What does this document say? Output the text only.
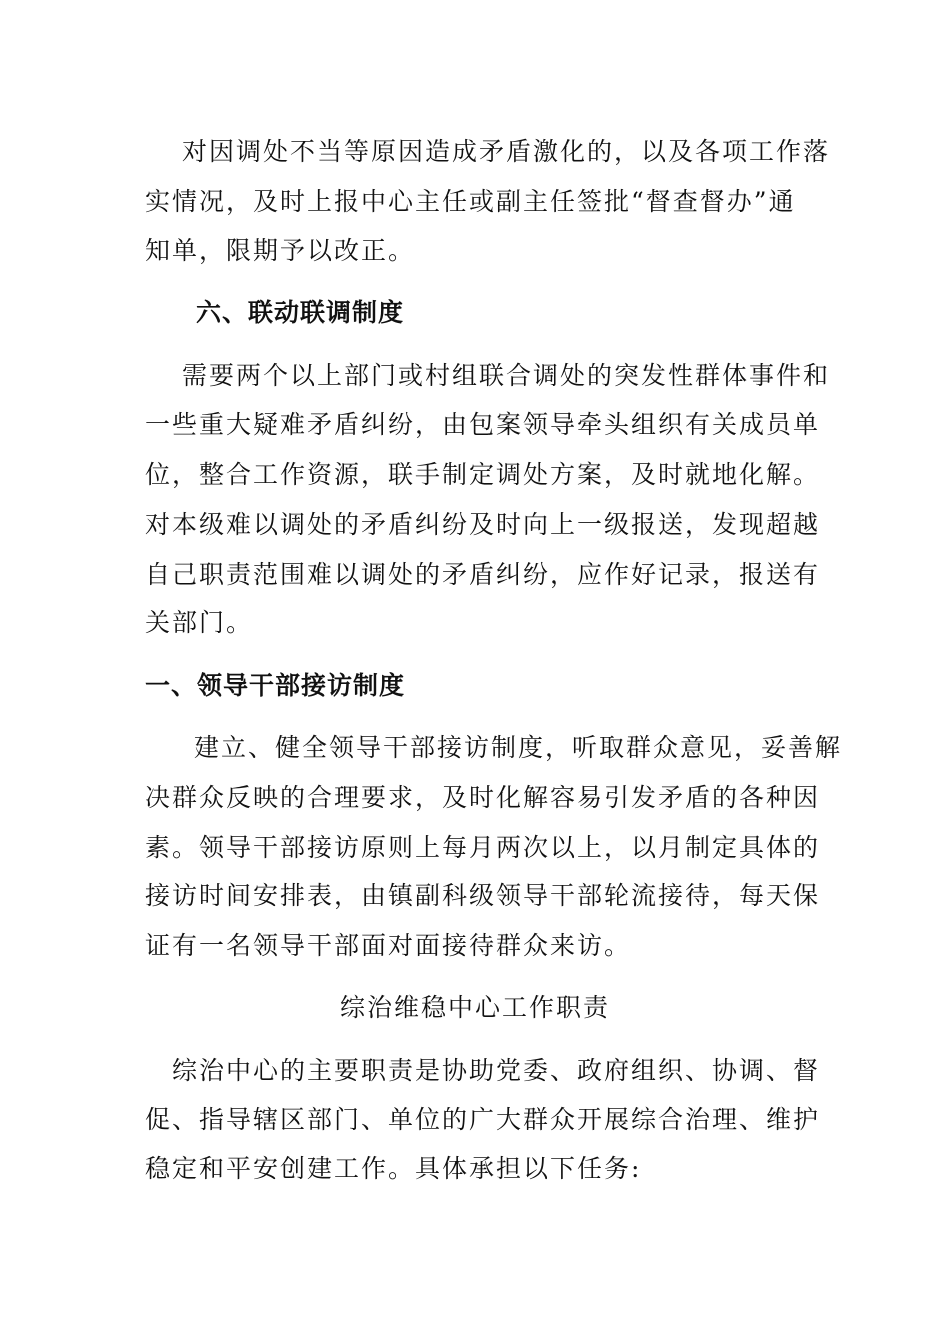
对因调处不当等原因造成矛盾激化的，以及各项工作落
实情况，及时上报中心主任或副主任签批“督查督办”通
知单，限期予以改正。
六、联动联调制度
需要两个以上部门或村组联合调处的突发性群体事件和
一些重大疑难矛盾纠纷，由包案领导牵头组织有关成员单
位，整合工作资源，联手制定调处方案，及时就地化解。
对本级难以调处的矛盾纠纷及时向上一级报送，发现超越
自己职责范围难以调处的矛盾纠纷，应作好记录，报送有
关部门。
一、领导干部接访制度
建立、健全领导干部接访制度，听取群众意见，妥善解
决群众反映的合理要求，及时化解容易引发矛盾的各种因
素。领导干部接访原则上每月两次以上，以月制定具体的
接访时间安排表，由镇副科级领导干部轮流接待，每天保
证有一名领导干部面对面接待群众来访。
综治维稳中心工作职责
综治中心的主要职责是协助党委、政府组织、协调、督
促、指导辖区部门、单位的广大群众开展综合治理、维护
稳定和平安创建工作。具体承担以下任务:
